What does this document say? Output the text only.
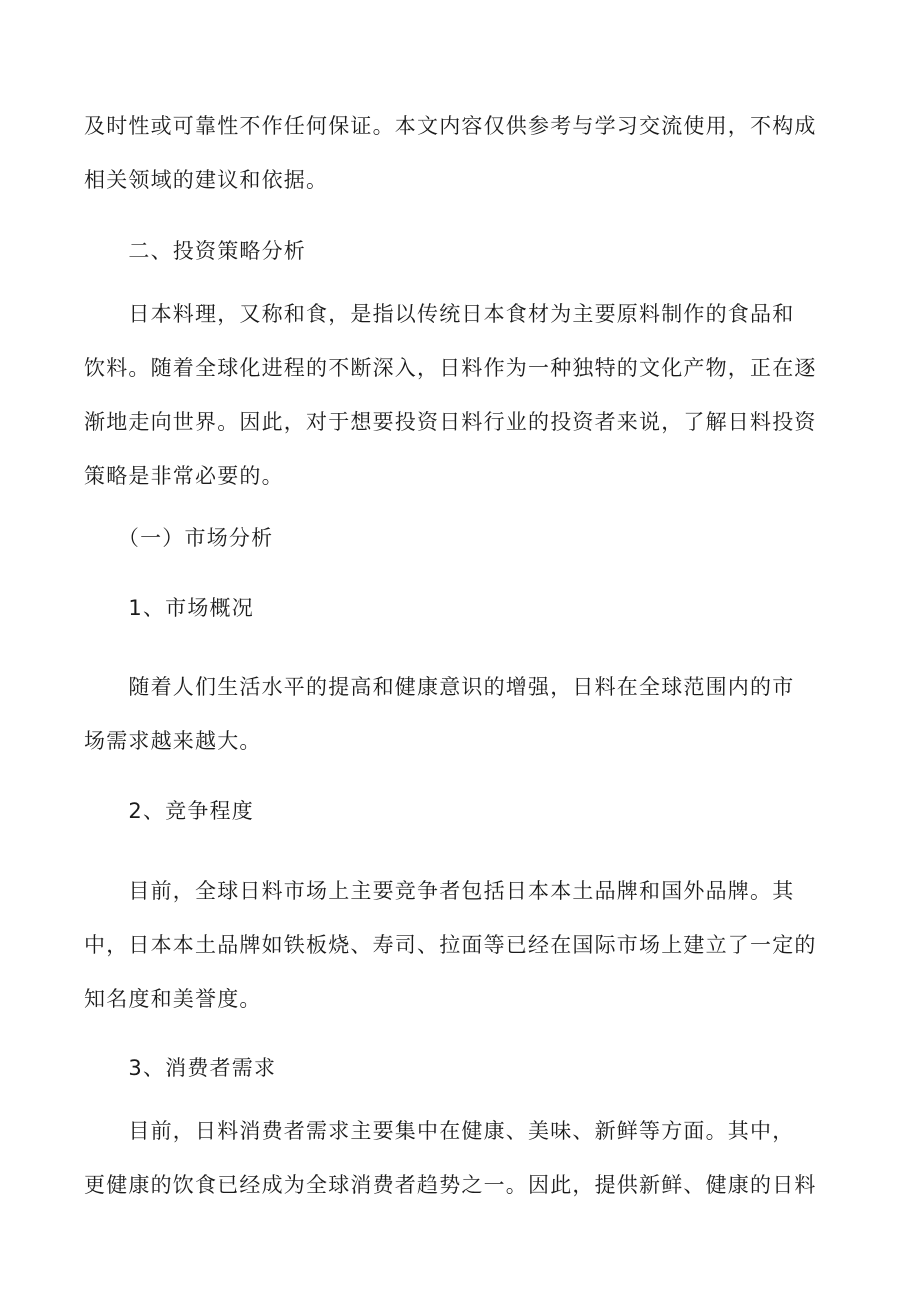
及时性或可靠性不作任何保证。本文内容仅供参考与学习交流使用，不构成
相关领域的建议和依据。
　　二、投资策略分析
　　日本料理，又称和食，是指以传统日本食材为主要原料制作的食品和
饮料。随着全球化进程的不断深入，日料作为一种独特的文化产物，正在逐
渐地走向世界。因此，对于想要投资日料行业的投资者来说，了解日料投资
策略是非常必要的。
　　（一）市场分析
　　1、市场概况
　　随着人们生活水平的提高和健康意识的增强，日料在全球范围内的市
场需求越来越大。
　　2、竞争程度
　　目前，全球日料市场上主要竞争者包括日本本土品牌和国外品牌。其
中，日本本土品牌如铁板烧、寿司、拉面等已经在国际市场上建立了一定的
知名度和美誉度。
　　3、消费者需求
　　目前，日料消费者需求主要集中在健康、美味、新鲜等方面。其中，
更健康的饮食已经成为全球消费者趋势之一。因此，提供新鲜、健康的日料
